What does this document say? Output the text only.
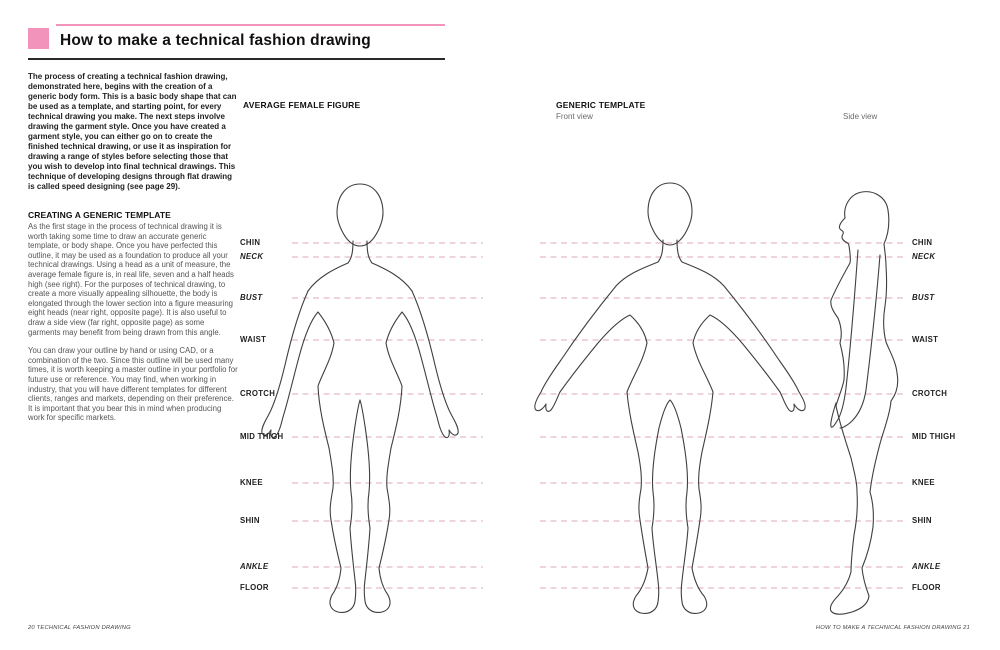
How to make a technical fashion drawing

The process of creating a technical fashion drawing, demonstrated here, begins with the creation of a generic body form. This is a basic body shape that can be used as a template, and starting point, for every technical drawing you make. The next steps involve drawing the garment style. Once you have created a garment style, you can either go on to create the finished technical drawing, or use it as inspiration for drawing a range of styles before selecting those that you wish to develop into final technical drawings. This technique of developing designs through flat drawing is called speed designing (see page 29).

CREATING A GENERIC TEMPLATE

As the first stage in the process of technical drawing it is worth taking some time to draw an accurate generic template, or body shape. Once you have perfected this outline, it may be used as a foundation to produce all your technical drawings. Using a head as a unit of measure, the average female figure is, in real life, seven and a half heads high (see right). For the purposes of technical drawing, to create a more visually appealing silhouette, the body is elongated through the lower section into a figure measuring eight heads (near right, opposite page). It is also useful to draw a side view (far right, opposite page) as some garments may benefit from being drawn from this angle.

You can draw your outline by hand or using CAD, or a combination of the two. Since this outline will be used many times, it is worth keeping a master outline in your portfolio for future use or reference. You may find, when working in industry, that you will have different templates for different clients, ranges and markets, depending on their preference. It is important that you bear this in mind when producing work for specific markets.

AVERAGE FEMALE FIGURE	GENERIC TEMPLATE

Front view	Side view

CHIN
NECK
BUST
WAIST
CROTCH
MID THIGH
KNEE
SHIN
ANKLE
FLOOR
CHIN
NECK
BUST
WAIST
CROTCH
MID THIGH
KNEE
SHIN
ANKLE
FLOOR
20 TECHNICAL FASHION DRAWING	HOW TO MAKE A TECHNICAL FASHION DRAWING 21
